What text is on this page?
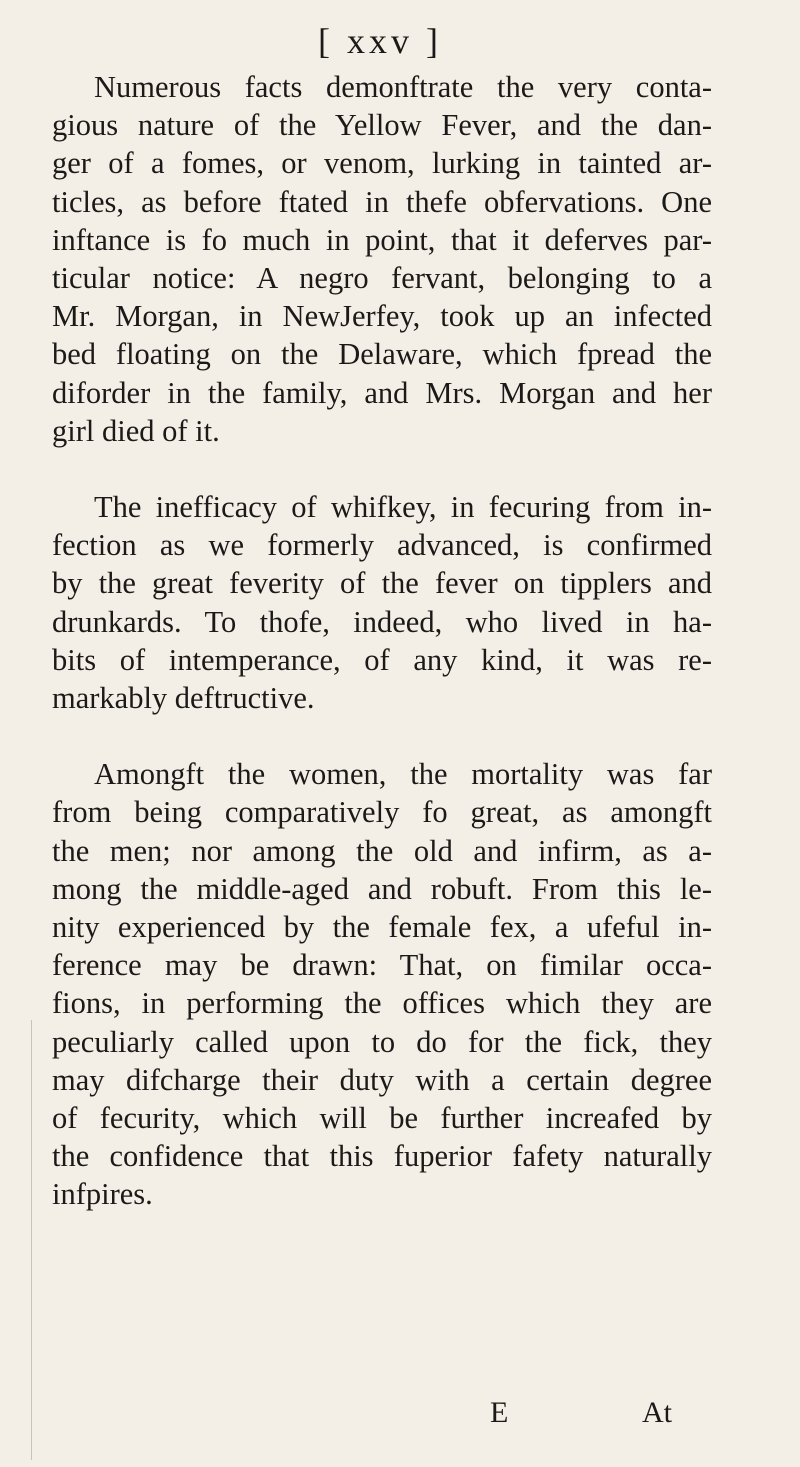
[ xxv ]
Numerous facts demonftrate the very conta-
gious nature of the Yellow Fever, and the dan-
ger of a fomes, or venom, lurking in tainted ar-
ticles, as before ftated in thefe obfervations. One
inftance is fo much in point, that it deferves par-
ticular notice: A negro fervant, belonging to a
Mr. Morgan, in NewJerfey, took up an infected
bed floating on the Delaware, which fpread the
diforder in the family, and Mrs. Morgan and her
girl died of it.
The inefficacy of whifkey, in fecuring from in-
fection as we formerly advanced, is confirmed
by the great feverity of the fever on tipplers and
drunkards. To thofe, indeed, who lived in ha-
bits of intemperance, of any kind, it was re-
markably deftructive.
Amongft the women, the mortality was far
from being comparatively fo great, as amongft
the men; nor among the old and infirm, as a-
mong the middle-aged and robuft. From this le-
nity experienced by the female fex, a ufeful in-
ference may be drawn: That, on fimilar occa-
fions, in performing the offices which they are
peculiarly called upon to do for the fick, they
may difcharge their duty with a certain degree
of fecurity, which will be further increafed by
the confidence that this fuperior fafety naturally
infpires.
E	At
